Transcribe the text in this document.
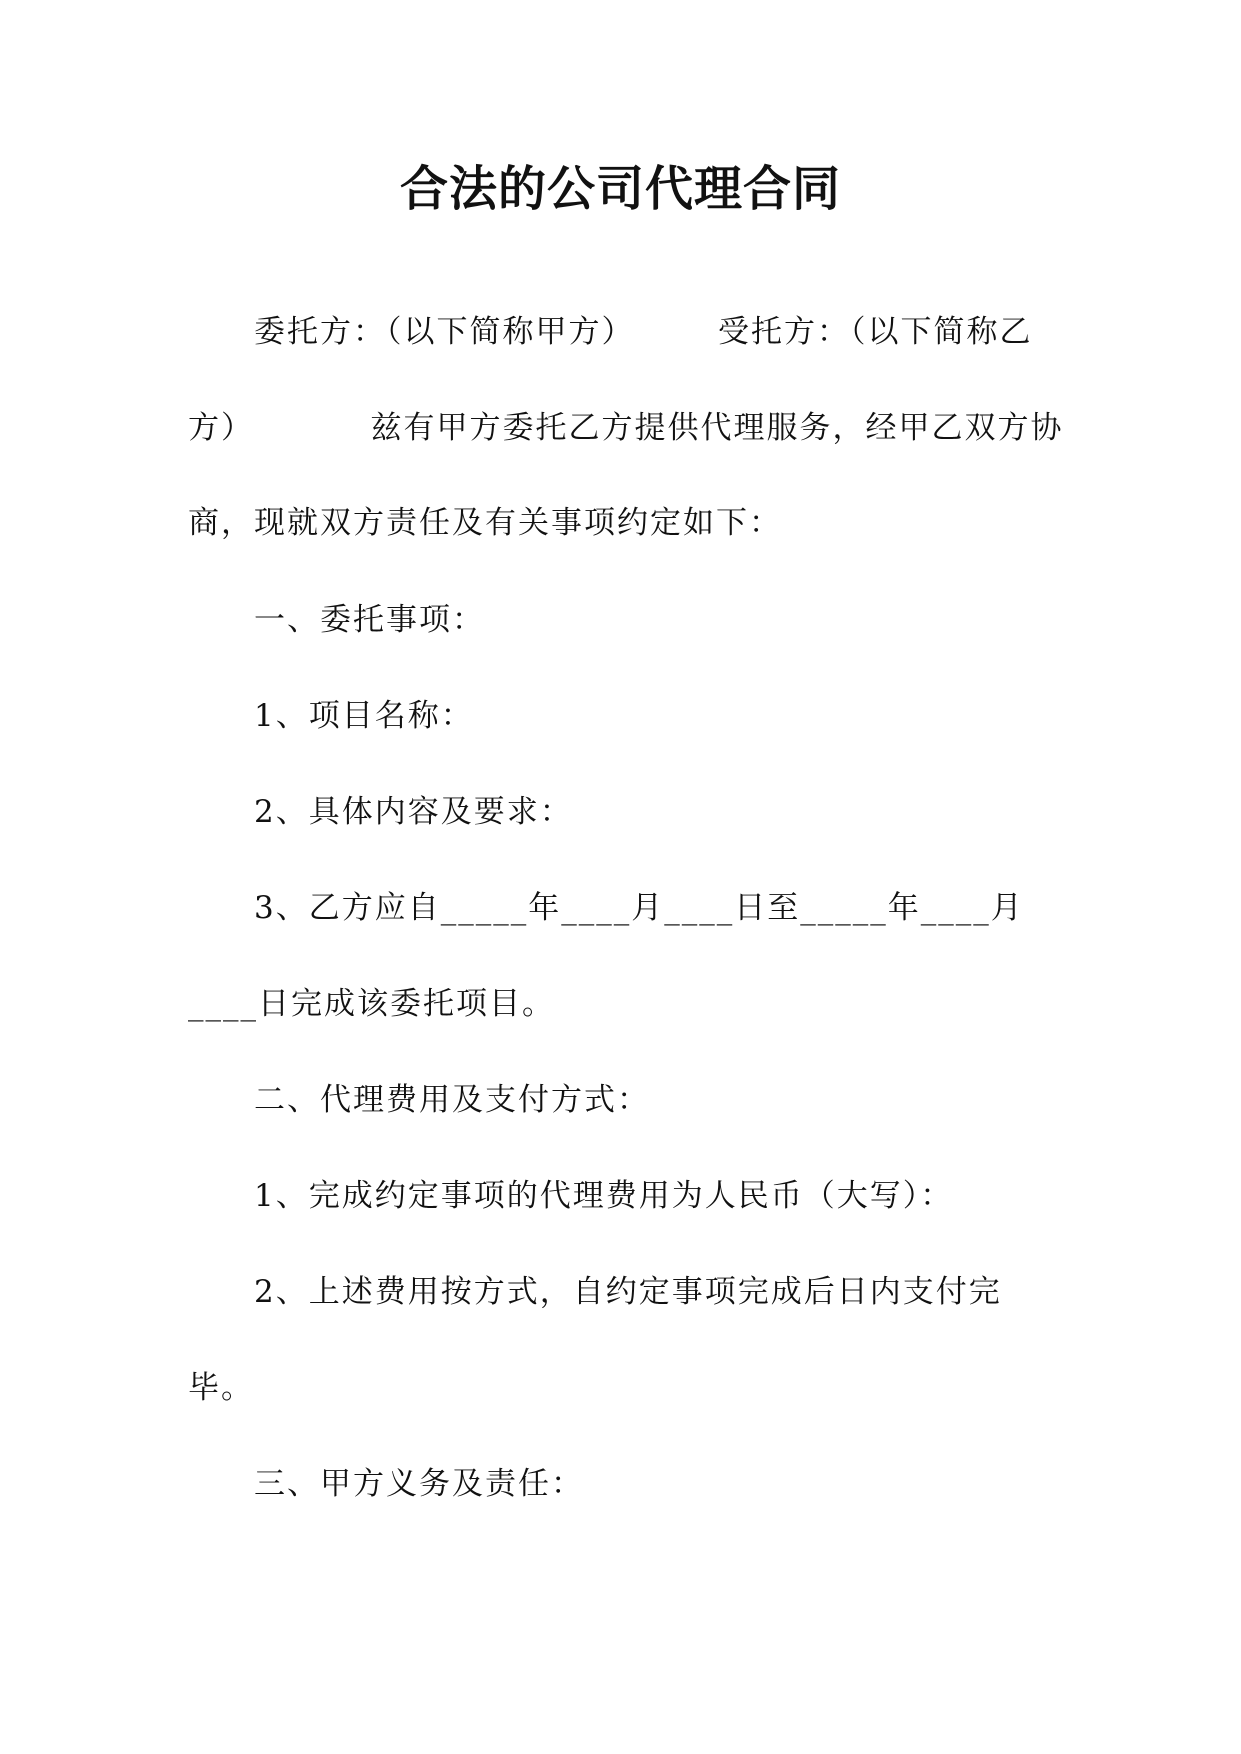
合法的公司代理合同
委托方：（以下简称甲方）　　　受托方：（以下简称乙
方）　　　　兹有甲方委托乙方提供代理服务，经甲乙双方协
商，现就双方责任及有关事项约定如下：
一、委托事项：
1、项目名称：
2、具体内容及要求：
3、乙方应自_____年____月____日至_____年____月
____日完成该委托项目。
二、代理费用及支付方式：
1、完成约定事项的代理费用为人民币（大写）：
2、上述费用按方式，自约定事项完成后日内支付完
毕。
三、甲方义务及责任：
